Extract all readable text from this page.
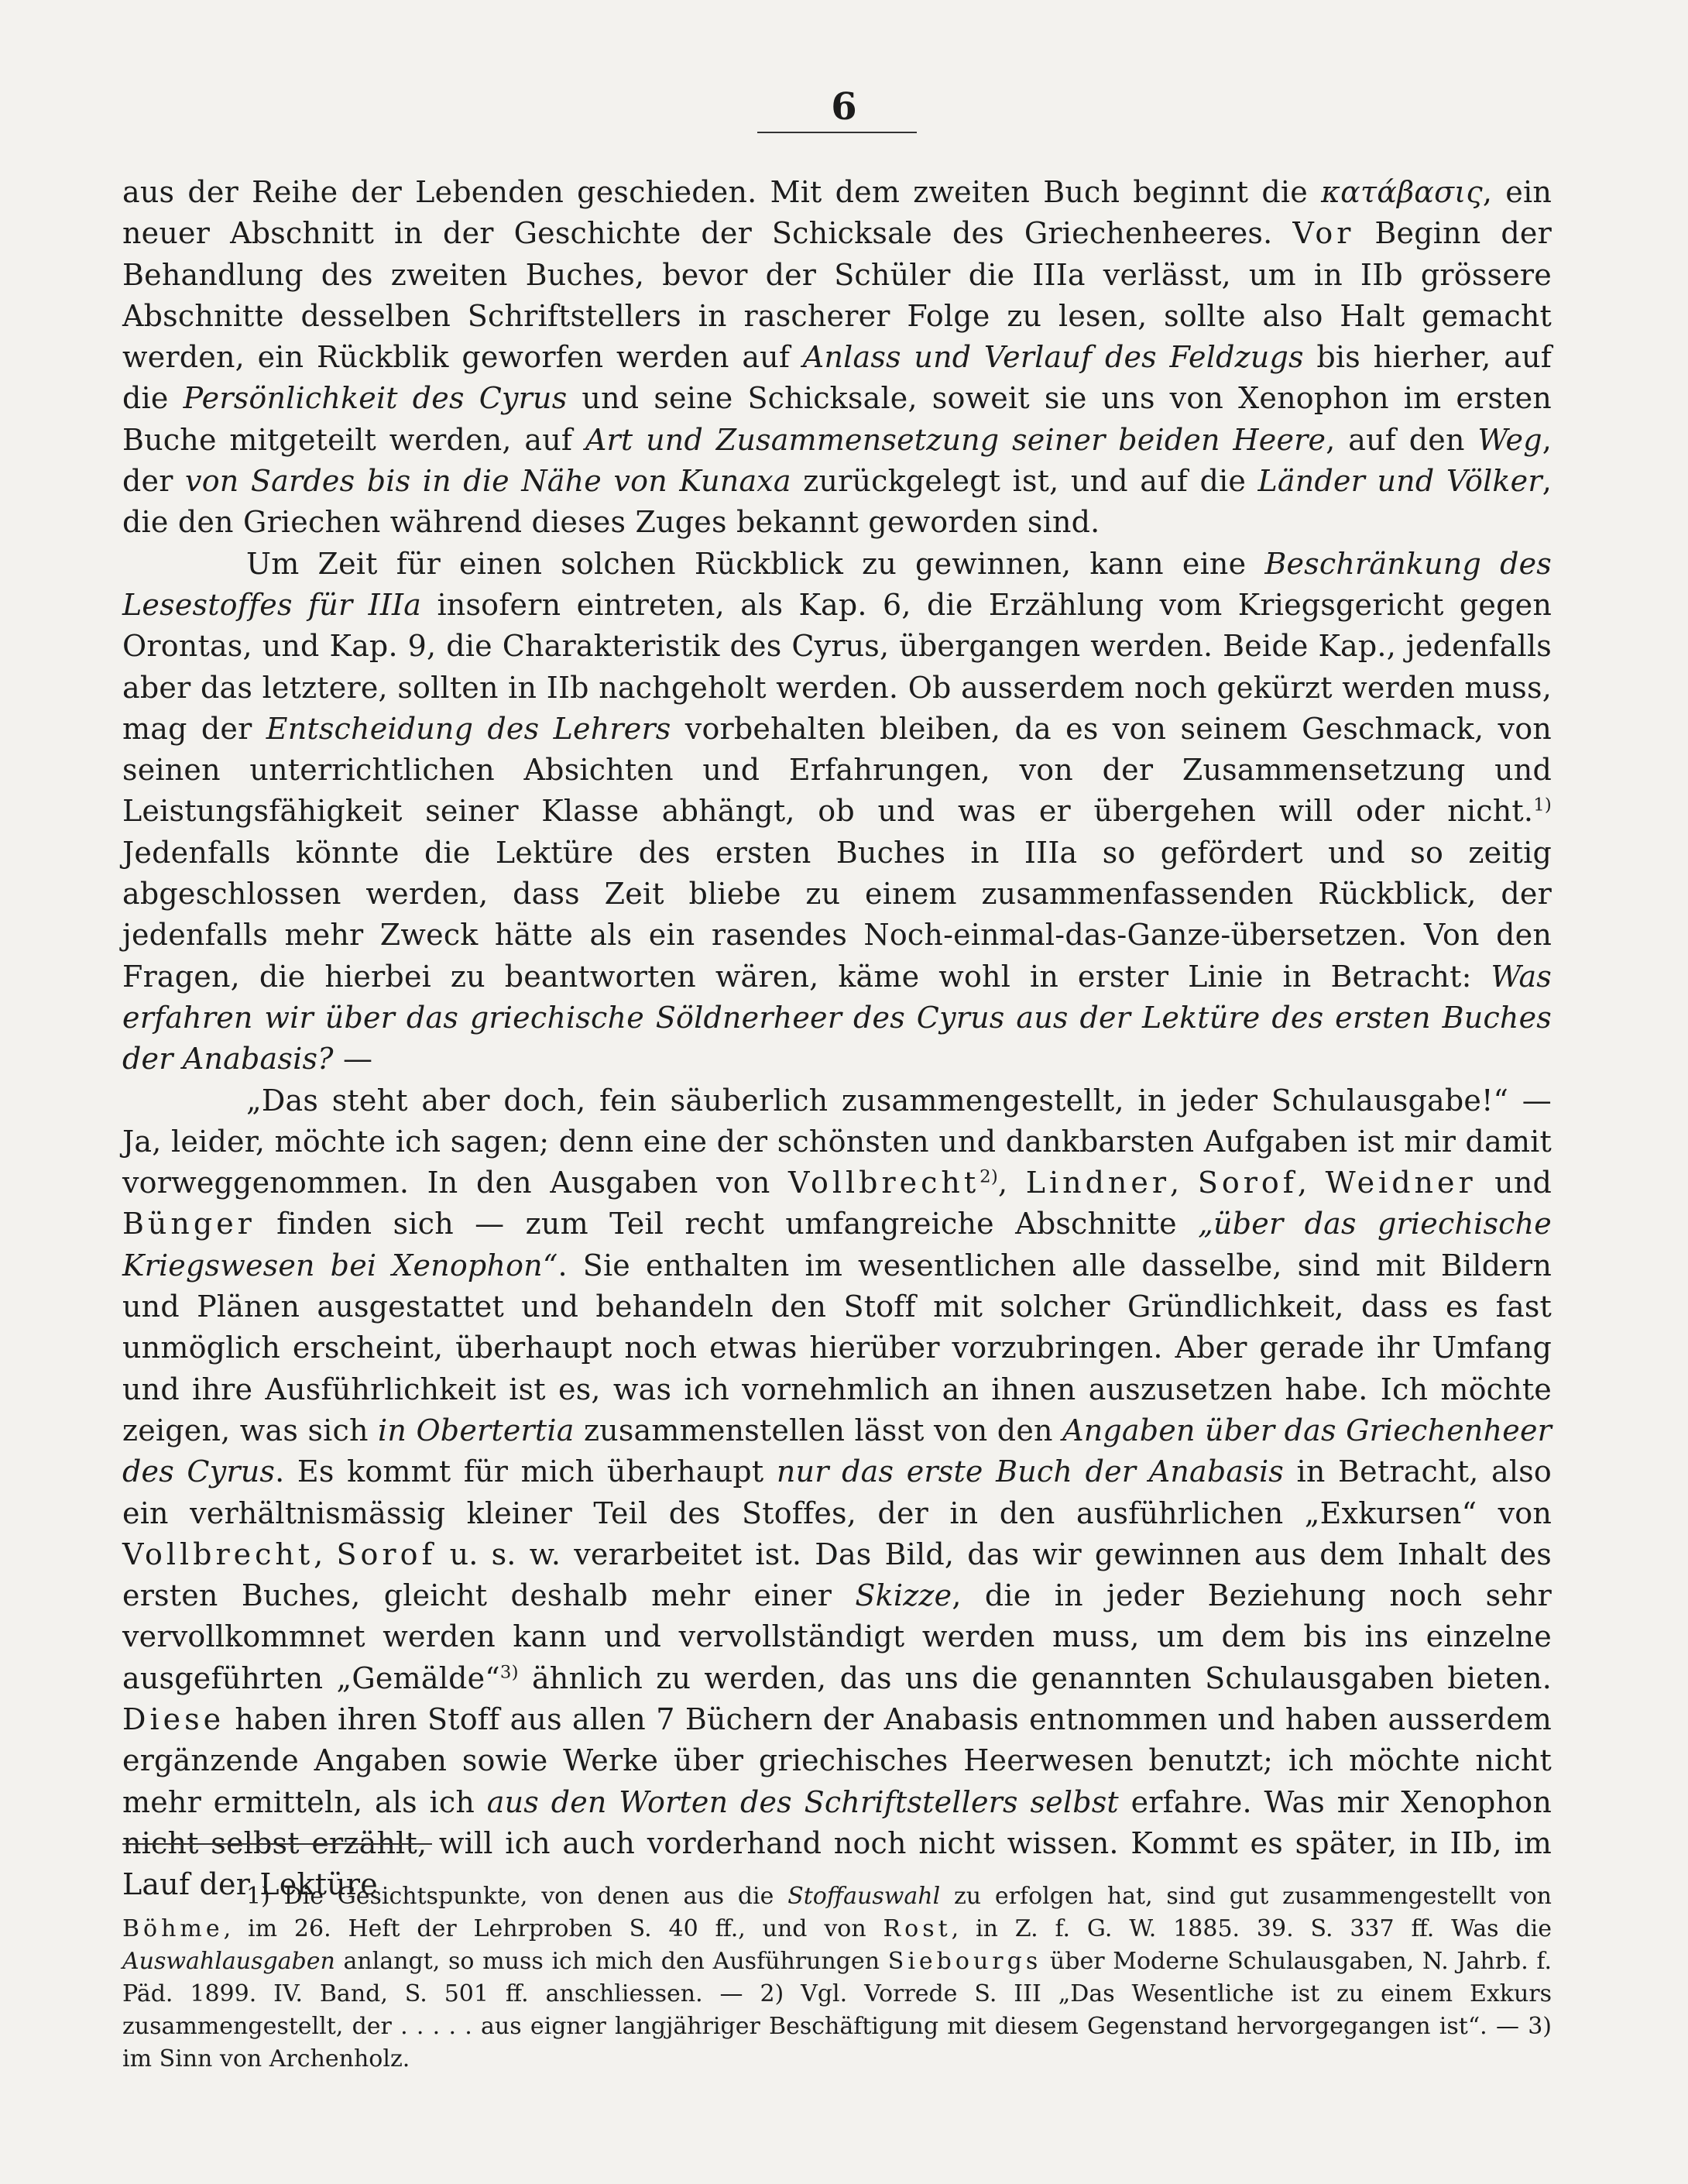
6

aus der Reihe der Lebenden geschieden. Mit dem zweiten Buch beginnt die κατάβασις, ein neuer Abschnitt in der Geschichte der Schicksale des Griechenheeres. Vor Beginn der Behandlung des zweiten Buches, bevor der Schüler die IIIa verlässt, um in IIb grössere Abschnitte desselben Schriftstellers in rascherer Folge zu lesen, sollte also Halt gemacht werden, ein Rückblik geworfen werden auf Anlass und Verlauf des Feldzugs bis hierher, auf die Persönlichkeit des Cyrus und seine Schicksale, soweit sie uns von Xenophon im ersten Buche mitgeteilt werden, auf Art und Zusammensetzung seiner beiden Heere, auf den Weg, der von Sardes bis in die Nähe von Kunaxa zurückgelegt ist, und auf die Länder und Völker, die den Griechen während dieses Zuges bekannt geworden sind.

Um Zeit für einen solchen Rückblick zu gewinnen, kann eine Beschränkung des Lesestoffes für IIIa insofern eintreten, als Kap. 6, die Erzählung vom Kriegsgericht gegen Orontas, und Kap. 9, die Charakteristik des Cyrus, übergangen werden. Beide Kap., jedenfalls aber das letztere, sollten in IIb nachgeholt werden. Ob ausserdem noch gekürzt werden muss, mag der Entscheidung des Lehrers vorbehalten bleiben, da es von seinem Geschmack, von seinen unterrichtlichen Absichten und Erfahrungen, von der Zusammensetzung und Leistungsfähigkeit seiner Klasse abhängt, ob und was er übergehen will oder nicht.$^{1)}$ Jedenfalls könnte die Lektüre des ersten Buches in IIIa so gefördert und so zeitig abgeschlossen werden, dass Zeit bliebe zu einem zusammenfassenden Rückblick, der jedenfalls mehr Zweck hätte als ein rasendes Noch-einmal-das-Ganze-übersetzen. Von den Fragen, die hierbei zu beantworten wären, käme wohl in erster Linie in Betracht: Was erfahren wir über das griechische Söldnerheer des Cyrus aus der Lektüre des ersten Buches der Anabasis? —

„Das steht aber doch, fein säuberlich zusammengestellt, in jeder Schulausgabe!“ — Ja, leider, möchte ich sagen; denn eine der schönsten und dankbarsten Aufgaben ist mir damit vorweggenommen. In den Ausgaben von Vollbrecht$^{2)}$, Lindner, Sorof, Weidner und Bünger finden sich — zum Teil recht umfangreiche Abschnitte „über das griechische Kriegswesen bei Xenophon“. Sie enthalten im wesentlichen alle dasselbe, sind mit Bildern und Plänen ausgestattet und behandeln den Stoff mit solcher Gründlichkeit, dass es fast unmöglich erscheint, überhaupt noch etwas hierüber vorzubringen. Aber gerade ihr Umfang und ihre Ausführlichkeit ist es, was ich vornehmlich an ihnen auszusetzen habe. Ich möchte zeigen, was sich in Obertertia zusammenstellen lässt von den Angaben über das Griechenheer des Cyrus. Es kommt für mich überhaupt nur das erste Buch der Anabasis in Betracht, also ein verhältnismässig kleiner Teil des Stoffes, der in den ausführlichen „Exkursen“ von Vollbrecht, Sorof u. s. w. verarbeitet ist. Das Bild, das wir gewinnen aus dem Inhalt des ersten Buches, gleicht deshalb mehr einer Skizze, die in jeder Beziehung noch sehr vervollkommnet werden kann und vervollständigt werden muss, um dem bis ins einzelne ausgeführten „Gemälde“$^{3)}$ ähnlich zu werden, das uns die genannten Schulausgaben bieten. Diese haben ihren Stoff aus allen 7 Büchern der Anabasis entnommen und haben ausserdem ergänzende Angaben sowie Werke über griechisches Heerwesen benutzt; ich möchte nicht mehr ermitteln, als ich aus den Worten des Schriftstellers selbst erfahre. Was mir Xenophon nicht selbst erzählt, will ich auch vorderhand noch nicht wissen. Kommt es später, in IIb, im Lauf der Lektüre

1) Die Gesichtspunkte, von denen aus die Stoffauswahl zu erfolgen hat, sind gut zusammengestellt von Böhme, im 26. Heft der Lehrproben S. 40 ff., und von Rost, in Z. f. G. W. 1885. 39. S. 337 ff. Was die Auswahlausgaben anlangt, so muss ich mich den Ausführungen Siebourgs über Moderne Schulausgaben, N. Jahrb. f. Päd. 1899. IV. Band, S. 501 ff. anschliessen. — 2) Vgl. Vorrede S. III „Das Wesentliche ist zu einem Exkurs zusammengestellt, der . . . . . aus eigner langjähriger Beschäftigung mit diesem Gegenstand hervorgegangen ist“. — 3) im Sinn von Archenholz.
